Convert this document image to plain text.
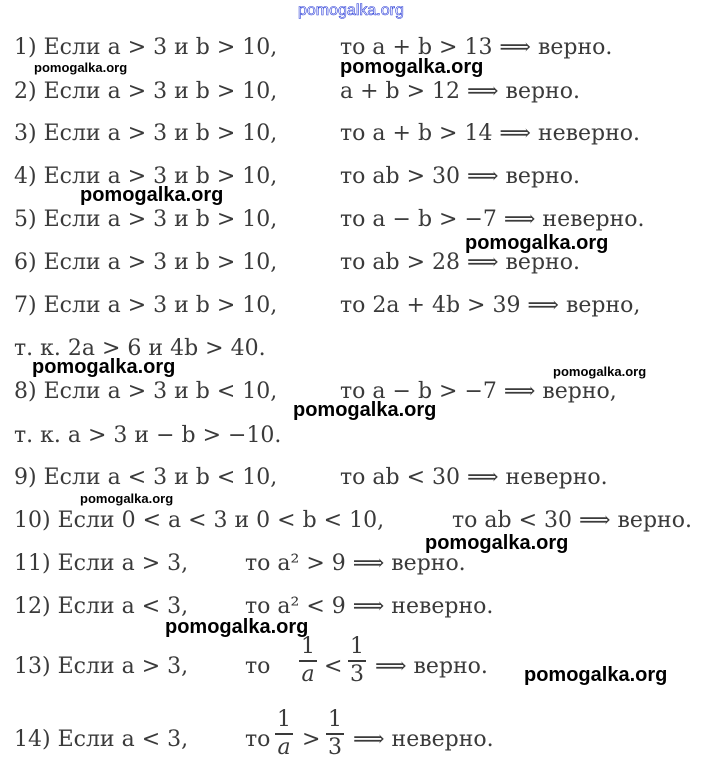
pomogalka.org
1) Если a > 3 и b > 10,	то a + b > 13 ⟹ верно.
2) Если a > 3 и b > 10,	a + b > 12 ⟹ верно.
3) Если a > 3 и b > 10,	то a + b > 14 ⟹ неверно.
4) Если a > 3 и b > 10,	то ab > 30 ⟹ верно.
5) Если a > 3 и b > 10,	то a − b > −7 ⟹ неверно.
6) Если a > 3 и b > 10,	то ab > 28 ⟹ верно.
7) Если a > 3 и b > 10,	то 2a + 4b > 39 ⟹ верно,
т. к. 2a > 6 и 4b > 40.
8) Если a > 3 и b < 10,	то a − b > −7 ⟹ верно,
т. к. a > 3 и − b > −10.
9) Если a < 3 и b < 10,	то ab < 30 ⟹ неверно.
10) Если 0 < a < 3 и 0 < b < 10,	то ab < 30 ⟹ верно.
11) Если a > 3,	то a² > 9 ⟹ верно.
12) Если a < 3,	то a² < 9 ⟹ неверно.
13) Если a > 3,	то
1
a <
1
3 ⟹ верно.
14) Если a < 3,	то
1
a >
1
3 ⟹ неверно.
pomogalka.org	pomogalka.org
pomogalka.org
pomogalka.org
pomogalka.org	pomogalka.org
pomogalka.org
pomogalka.org
pomogalka.org
pomogalka.org
pomogalka.org
